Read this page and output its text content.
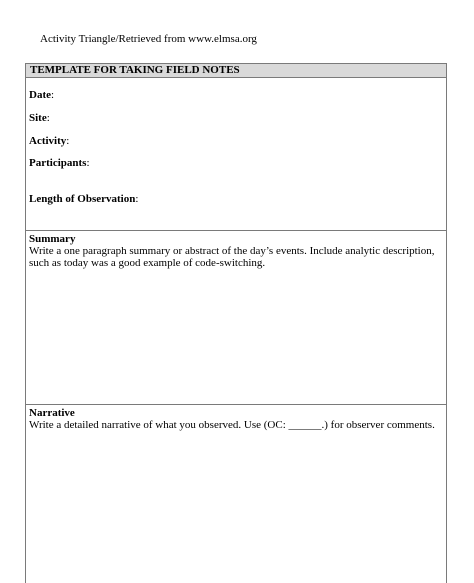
Activity Triangle/Retrieved from www.elmsa.org
TEMPLATE FOR TAKING FIELD NOTES
Date:
Site:
Activity:
Participants:
Length of Observation:
Summary
Write a one paragraph summary or abstract of the day’s events. Include analytic description, such as today was a good example of code-switching.
Narrative
Write a detailed narrative of what you observed. Use (OC: ______.) for observer comments.
